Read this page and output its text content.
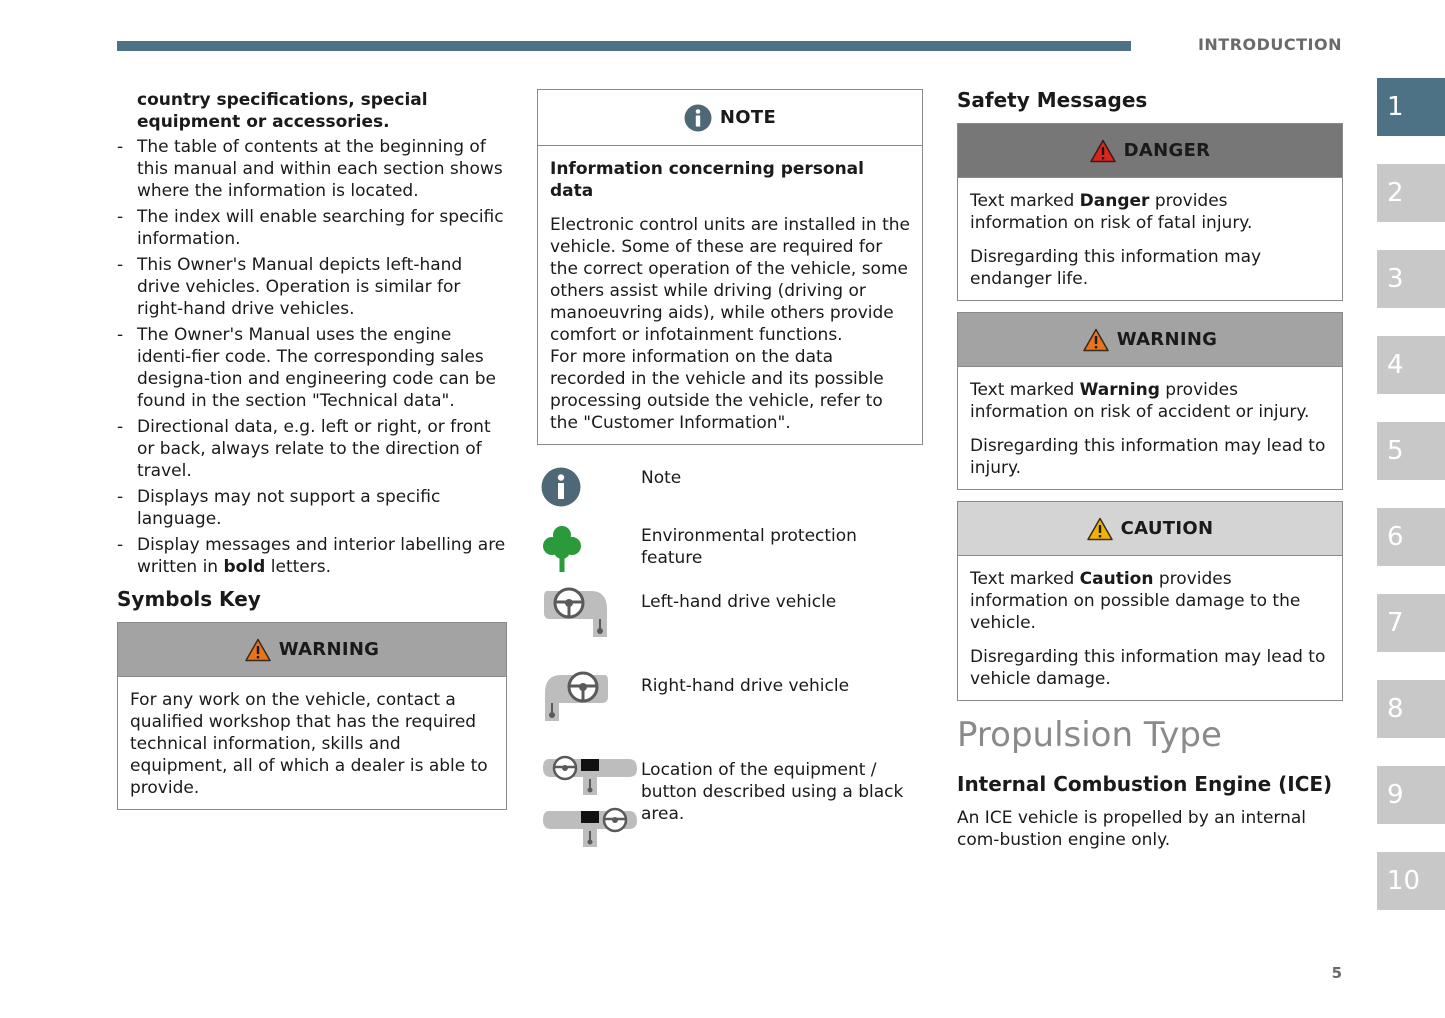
INTRODUCTION
country specifications, special equipment or accessories.
- The table of contents at the beginning of this manual and within each section shows where the information is located.
- The index will enable searching for specific information.
- This Owner's Manual depicts left-hand drive vehicles. Operation is similar for right-hand drive vehicles.
- The Owner's Manual uses the engine identi-fier code. The corresponding sales designa-tion and engineering code can be found in the section "Technical data".
- Directional data, e.g. left or right, or front or back, always relate to the direction of travel.
- Displays may not support a specific language.
- Display messages and interior labelling are written in bold letters.
Symbols Key
WARNING

For any work on the vehicle, contact a qualified workshop that has the required technical information, skills and equipment, all of which a dealer is able to provide.

NOTE
Information concerning personal data

Electronic control units are installed in the vehicle. Some of these are required for the correct operation of the vehicle, some others assist while driving (driving or manoeuvring aids), while others provide comfort or infotainment functions.

For more information on the data recorded in the vehicle and its possible processing outside the vehicle, refer to the "Customer Information".

Note
Environmental protection feature
Left-hand drive vehicle
Right-hand drive vehicle
Location of the equipment / button described using a black area.
Safety Messages
DANGER

Text marked Danger provides information on risk of fatal injury.

Disregarding this information may endanger life.

WARNING

Text marked Warning provides information on risk of accident or injury.

Disregarding this information may lead to injury.

CAUTION

Text marked Caution provides information on possible damage to the vehicle.

Disregarding this information may lead to vehicle damage.

Propulsion Type
Internal Combustion Engine (ICE)

An ICE vehicle is propelled by an internal com-bustion engine only.

1
2
3
4
5
6
7
8
9
10
5
